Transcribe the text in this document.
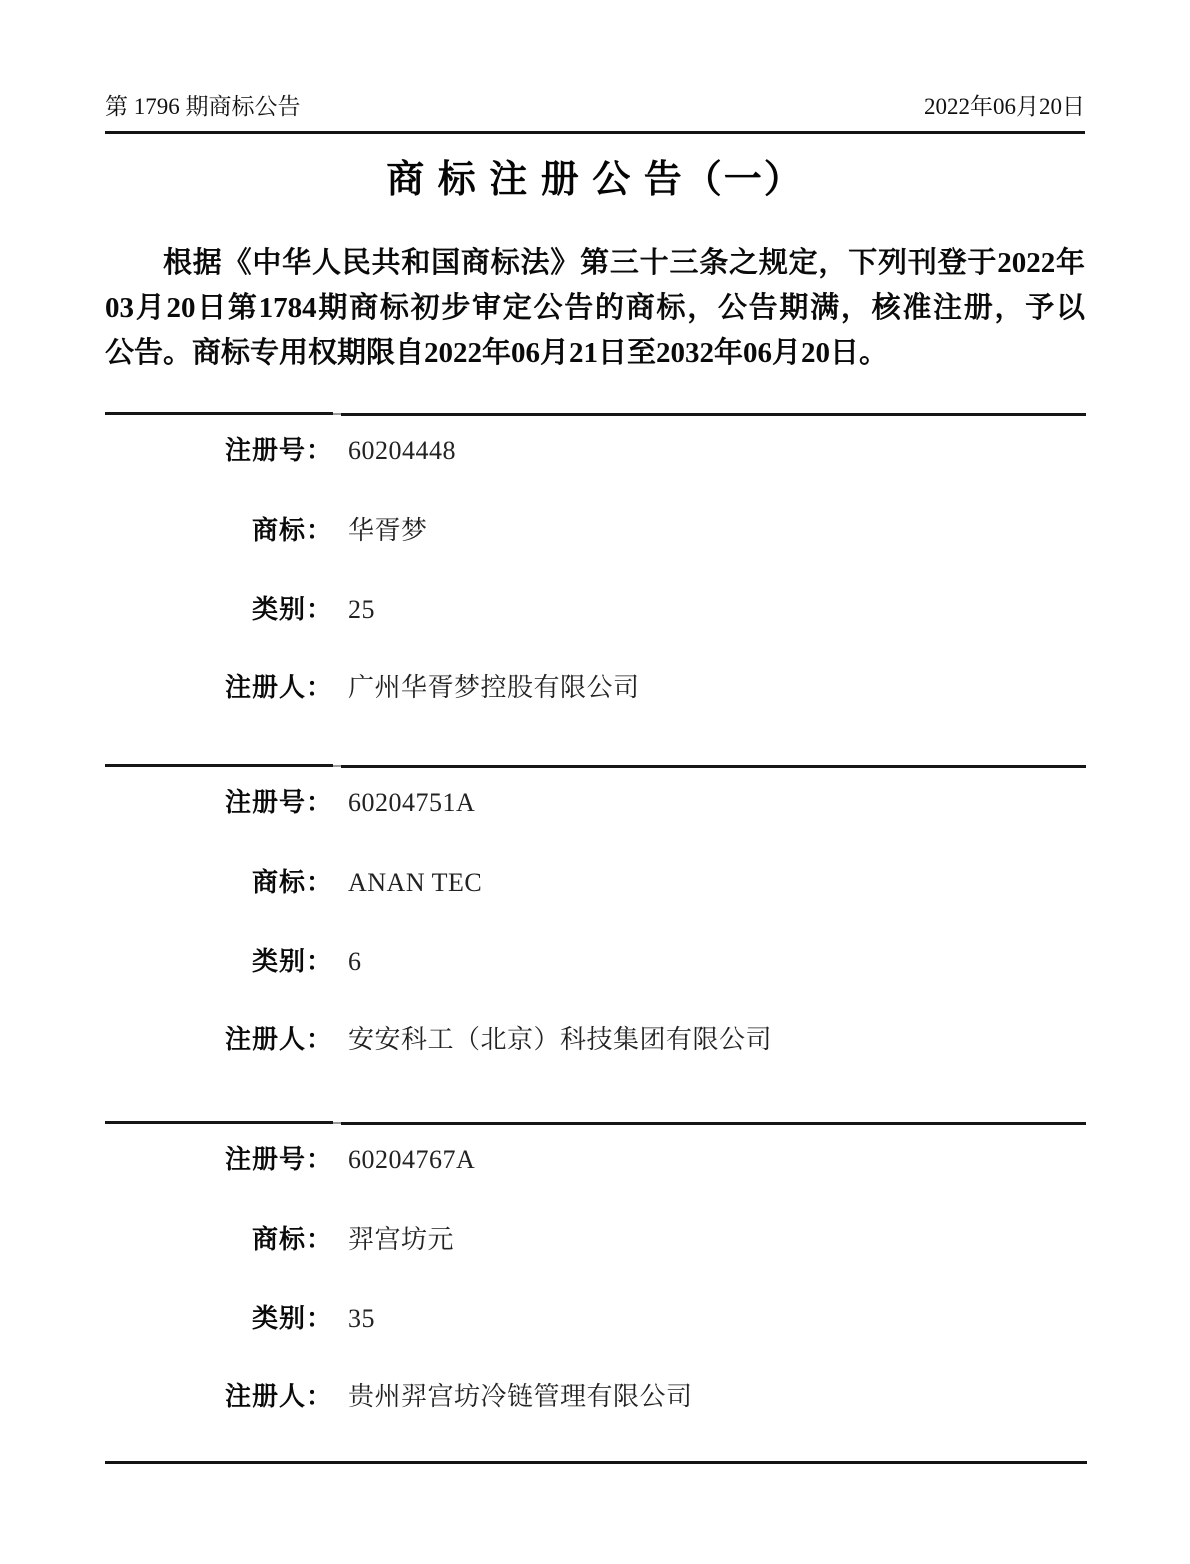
第 1796 期商标公告	2022年06月20日
商 标 注 册 公 告（一）
根据《中华人民共和国商标法》第三十三条之规定，下列刊登于2022年
03月20日第1784期商标初步审定公告的商标，公告期满，核准注册，予以
公告。商标专用权期限自2022年06月21日至2032年06月20日。
注册号： 60204448
商标： 华胥梦
类别： 25
注册人： 广州华胥梦控股有限公司
注册号： 60204751A
商标： ANAN TEC
类别： 6
注册人： 安安科工（北京）科技集团有限公司
注册号： 60204767A
商标： 羿宫坊元
类别： 35
注册人： 贵州羿宫坊冷链管理有限公司
